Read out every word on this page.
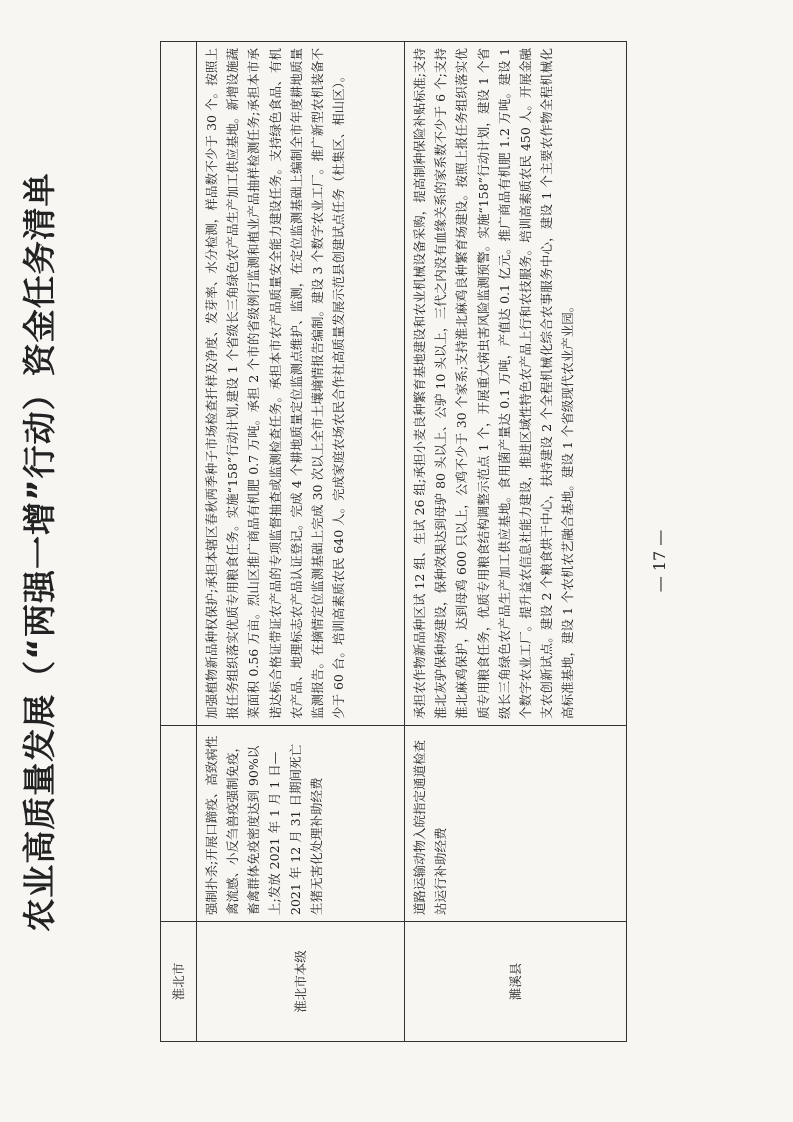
农业高质量发展（“两强一增”行动）资金任务清单
淮北市		
淮北市本级	强制扑杀;开展口蹄疫、高致病性禽流感、小反刍兽疫强制免疫，畜禽群体免疫密度达到 90%以上;发放 2021 年 1 月 1 日—2021 年 12 月 31 日期间死亡生猪无害化处理补助经费	加强植物新品种权保护;承担本辖区春秋两季种子市场检查扦样及净度、发芽率、水分检测，样品数不少于 30 个。按照上报任务组织落实优质专用粮食任务。实施“158”行动计划,建设 1 个省级长三角绿色农产品生产加工供应基地。新增设施蔬菜面积 0.56 万亩。烈山区推广商品有机肥 0.7 万吨。承担 2 个市的省级例行监测和植业产品抽样检测任务;承担本市承诺达标合格证带证农产品的专项监督抽查或监测检查任务。承担本市农产品质量安全能力建设任务。支持绿色食品、有机农产品、地理标志农产品认证登记。完成 4 个耕地质量定位监测点维护、监测，在定位监测基础上编制全市年度耕地质量监测报告。在摘情定位监测基础上完成 30 次以上全市土壤墒情报告编制。建设 3 个数字农业工厂。推广新型农机装备不少于 60 台。培训高素质农民 640 人。完成家庭农场农民合作社高质量发展示范县创建试点任务（杜集区、相山区）。
濉溪县	道路运输动物入皖指定通道检查站运行补助经费	承担农作物新品种区试 12 组、生试 26 组;承担小麦良种繁育基地建设和农业机械设备采购，提高制种保险补贴标准;支持淮北灰驴保种场建设，保种效果达到母驴 80 头以上、公驴 10 头以上，三代之内没有血缘关系的家系数不少于 6 个;支持淮北麻鸡保护，达到母鸡 600 只以上，公鸡不少于 30 个家系;支持淮北麻鸡良种繁育场建设。按照上报任务组织落实优质专用粮食任务，优质专用粮食结构调整示范点 1 个，开展重大病虫害风险监测预警。实施“158”行动计划，建设 1 个省级长三角绿色农产品生产加工供应基地。食用菌产量达 0.1 万吨，产值达 0.1 亿元。推广商品有机肥 1.2 万吨。建设 1 个数字农业工厂。提升益农信息社能力建设，推进区域性特色农产品上行和农技服务。培训高素质农民 450 人。开展金融支农创新试点。建设 2 个粮食烘干中心，扶持建设 2 个全程机械化综合农事服务中心，建设 1 个主要农作物全程机械化高标准基地，建设 1 个农机农艺融合基地。建设 1 个省级现代农业产业园。	— 17 —
